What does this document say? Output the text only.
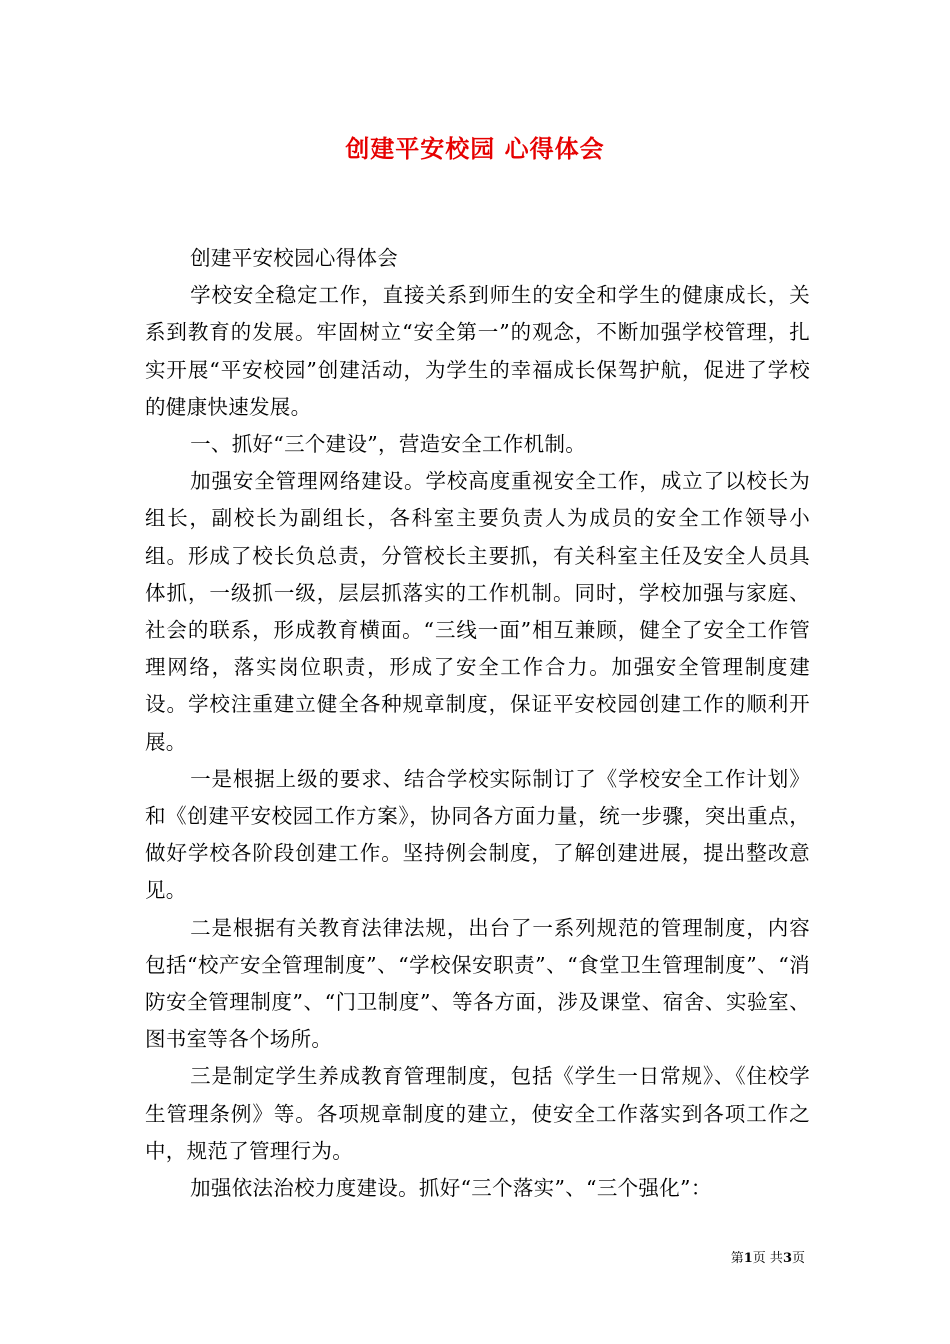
创建平安校园 心得体会

创建平安校园心得体会

学校安全稳定工作，直接关系到师生的安全和学生的健康成长，关系到教育的发展。牢固树立“安全第一”的观念，不断加强学校管理，扎实开展“平安校园”创建活动，为学生的幸福成长保驾护航，促进了学校的健康快速发展。

一、抓好“三个建设”，营造安全工作机制。

加强安全管理网络建设。学校高度重视安全工作，成立了以校长为组长，副校长为副组长，各科室主要负责人为成员的安全工作领导小组。形成了校长负总责，分管校长主要抓，有关科室主任及安全人员具体抓，一级抓一级，层层抓落实的工作机制。同时，学校加强与家庭、社会的联系，形成教育横面。“三线一面”相互兼顾，健全了安全工作管理网络，落实岗位职责，形成了安全工作合力。加强安全管理制度建设。学校注重建立健全各种规章制度，保证平安校园创建工作的顺利开展。

一是根据上级的要求、结合学校实际制订了《学校安全工作计划》和《创建平安校园工作方案》，协同各方面力量，统一步骤，突出重点，做好学校各阶段创建工作。坚持例会制度，了解创建进展，提出整改意见。

二是根据有关教育法律法规，出台了一系列规范的管理制度，内容包括“校产安全管理制度”、“学校保安职责”、“食堂卫生管理制度”、“消防安全管理制度”、“门卫制度”、等各方面，涉及课堂、宿舍、实验室、图书室等各个场所。

三是制定学生养成教育管理制度，包括《学生一日常规》、《住校学生管理条例》等。各项规章制度的建立，使安全工作落实到各项工作之中，规范了管理行为。

加强依法治校力度建设。抓好“三个落实”、“三个强化”：

第1页 共3页
